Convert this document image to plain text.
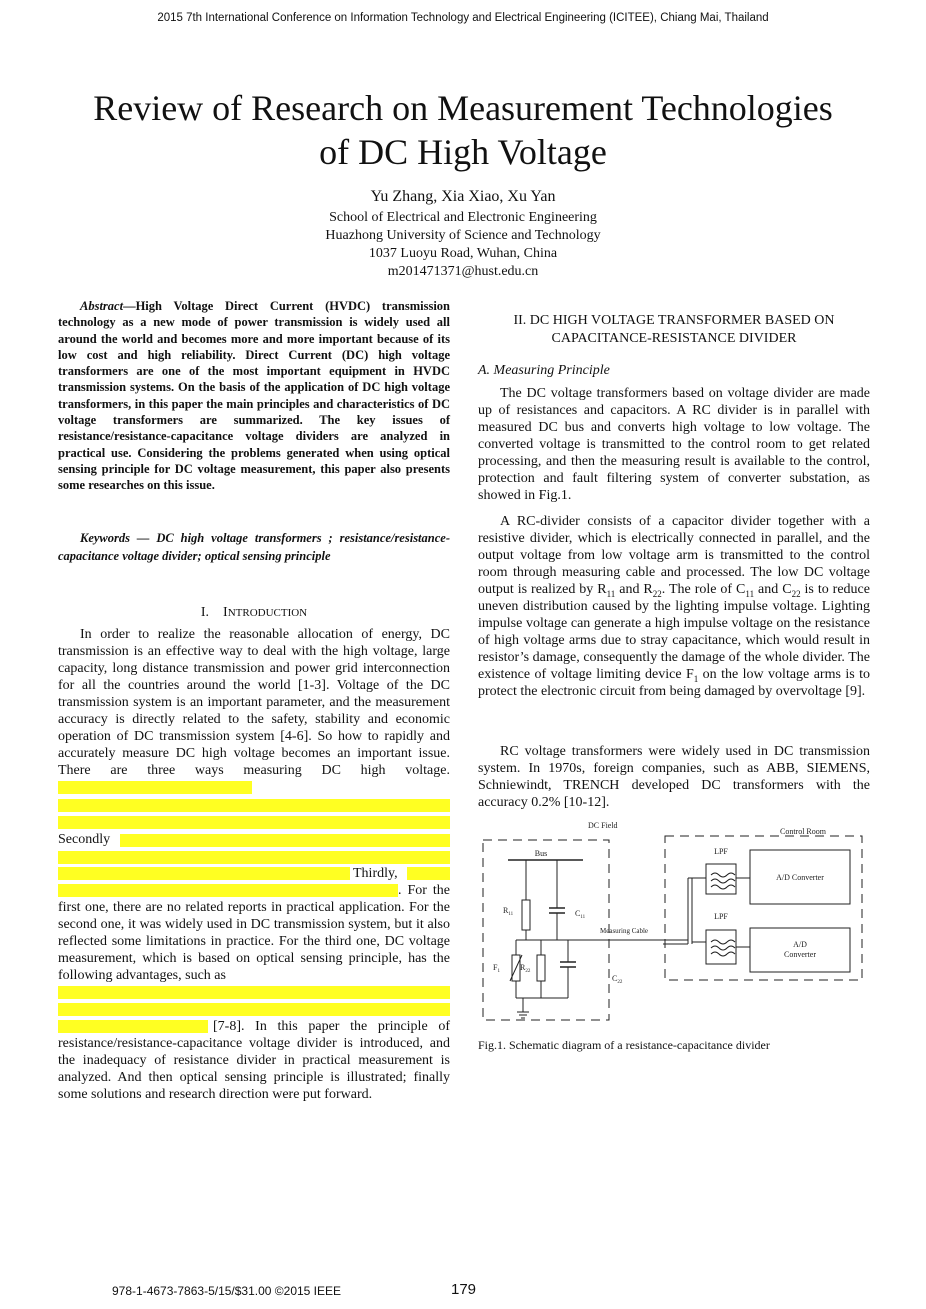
2015 7th International Conference on Information Technology and Electrical Engineering (ICITEE), Chiang Mai, Thailand
Review of Research on Measurement Technologies
of DC High Voltage
Yu Zhang, Xia Xiao, Xu Yan
School of Electrical and Electronic Engineering
Huazhong University of Science and Technology
1037 Luoyu Road, Wuhan, China
m201471371@hust.edu.cn

Abstract—High Voltage Direct Current (HVDC) transmission technology as a new mode of power transmission is widely used all around the world and becomes more and more important because of its low cost and high reliability. Direct Current (DC) high voltage transformers are one of the most important equipment in HVDC transmission systems. On the basis of the application of DC high voltage transformers, in this paper the main principles and characteristics of DC voltage transformers are summarized. The key issues of resistance/resistance-capacitance voltage dividers are analyzed in practical use. Considering the problems generated when using optical sensing principle for DC voltage measurement, this paper also presents some researches on this issue.

Keywords — DC high voltage transformers ; resistance/resistance-capacitance voltage divider; optical sensing principle

I. INTRODUCTION

In order to realize the reasonable allocation of energy, DC transmission is an effective way to deal with the high voltage, large capacity, long distance transmission and power grid interconnection for all the countries around the world [1-3]. Voltage of the DC transmission system is an important parameter, and the measurement accuracy is directly related to the safety, stability and economic operation of DC transmission system [4-6]. So how to rapidly and accurately measure DC high voltage becomes an important issue. There are three ways measuring DC high voltage.

Secondly
Thirdly,

. For the first one, there are no related reports in practical application. For the second one, it was widely used in DC transmission system, but it also reflected some limitations in practice. For the third one, DC voltage measurement, which is based on optical sensing principle, has the following advantages, such as

[7-8]. In this paper the principle of resistance/resistance-capacitance voltage divider is introduced, and the inadequacy of resistance divider in practical measurement is analyzed. And then optical sensing principle is illustrated; finally some solutions and research direction were put forward.

II. DC HIGH VOLTAGE TRANSFORMER BASED ON
CAPACITANCE-RESISTANCE DIVIDER
A. Measuring Principle

The DC voltage transformers based on voltage divider are made up of resistances and capacitors. A RC divider is in parallel with measured DC bus and converts high voltage to low voltage. The converted voltage is transmitted to the control room to get related processing, and then the measuring result is available to the control, protection and fault filtering system of converter substation, as showed in Fig.1.

A RC-divider consists of a capacitor divider together with a resistive divider, which is electrically connected in parallel, and the output voltage from low voltage arm is transmitted to the control room through measuring cable and processed. The low DC voltage output is realized by $R_{11}$ and $R_{22}$. The role of $C_{11}$ and $C_{22}$ is to reduce uneven distribution caused by the lighting impulse voltage. Lighting impulse voltage can generate a high impulse voltage on the resistance of high voltage arms due to stray capacitance, which would result in resistor’s damage, consequently the damage of the whole divider. The existence of voltage limiting device $F_1$ on the low voltage arms is to protect the electronic circuit from being damaged by overvoltage [9].

RC voltage transformers were widely used in DC transmission system. In 1970s, foreign companies, such as ABB, SIEMENS, Schniewindt, TRENCH developed DC transformers with the accuracy 0.2% [10-12].

DC Field
Control Room
Bus
$R_{11}$	$C_{11}$
$F_1$	$R_{22}$
$C_{22}$
Measuring Cable
LPF
LPF
A/D Converter
A/D
Converter
Fig.1. Schematic diagram of a resistance-capacitance divider
978-1-4673-7863-5/15/$31.00 ©2015 IEEE	179
